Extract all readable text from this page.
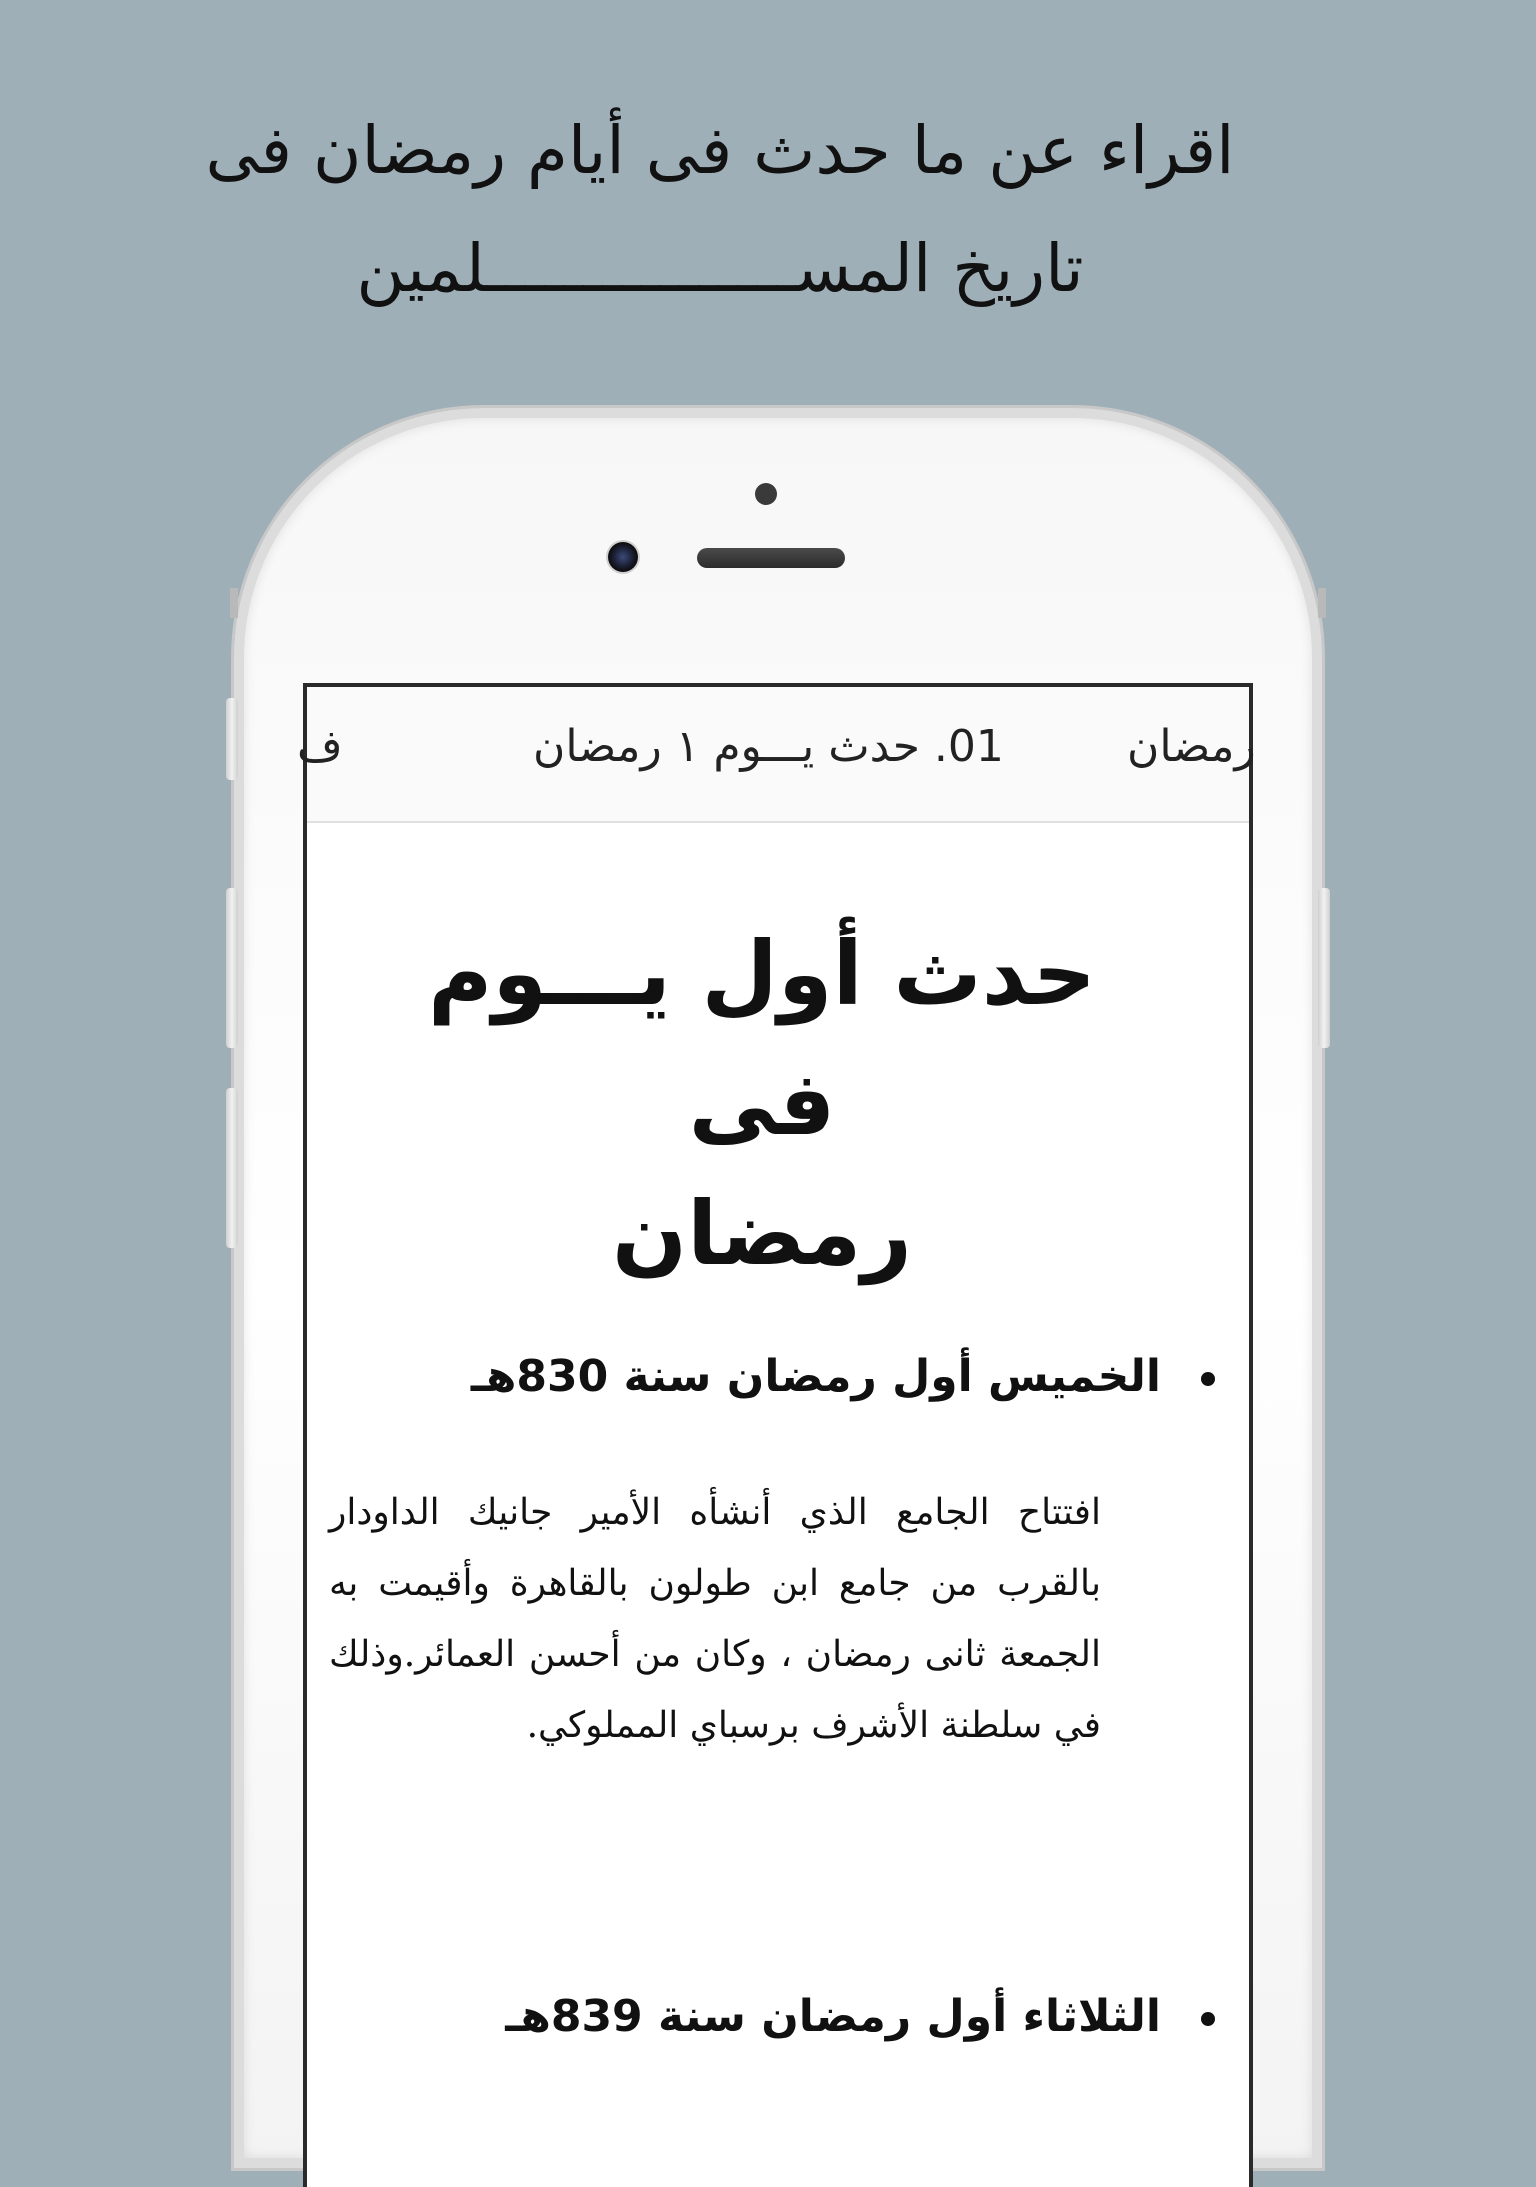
اقراء عن ما حدث فى أيام رمضان فى
تاريخ المســــــــــــــــلمين
رمضان
01. حدث يـــوم ١ رمضان
ف
حدث أول يـــوم فى
رمضان
الخميس أول رمضان سنة 830هـ
افتتاح الجامع الذي أنشأه الأمير جانيك الداودار بالقرب من جامع ابن طولون بالقاهرة وأقيمت به الجمعة ثانى رمضان ، وكان من أحسن العمائر.وذلك في سلطنة الأشرف برسباي المملوكي.
الثلاثاء أول رمضان سنة 839هـ
